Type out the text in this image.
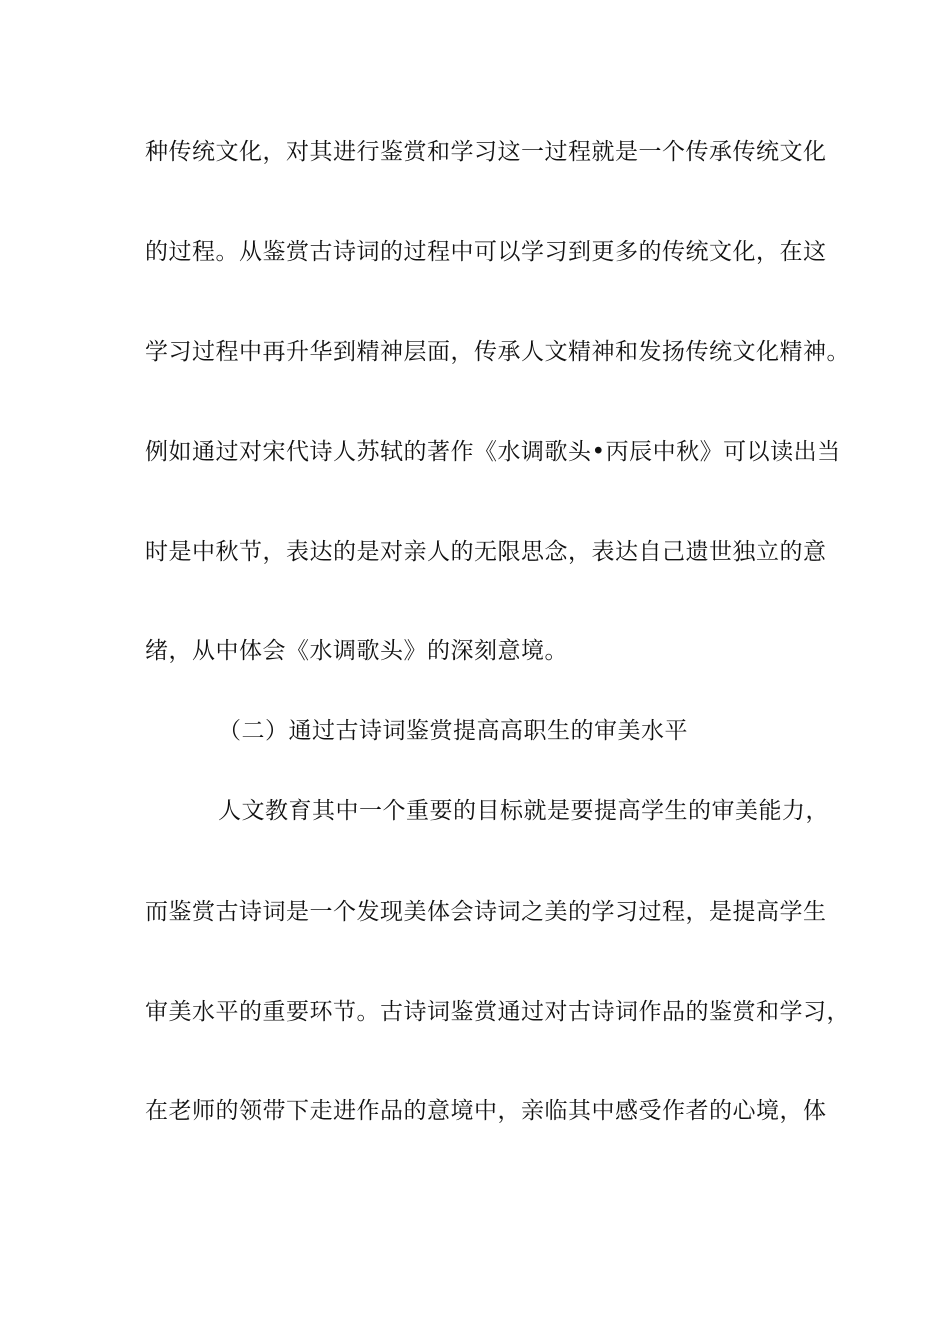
种传统文化，对其进行鉴赏和学习这一过程就是一个传承传统文化
的过程。从鉴赏古诗词的过程中可以学习到更多的传统文化，在这
学习过程中再升华到精神层面，传承人文精神和发扬传统文化精神。
例如通过对宋代诗人苏轼的著作《水调歌头•丙辰中秋》可以读出当
时是中秋节，表达的是对亲人的无限思念，表达自己遗世独立的意
绪，从中体会《水调歌头》的深刻意境。
（二）通过古诗词鉴赏提高高职生的审美水平
人文教育其中一个重要的目标就是要提高学生的审美能力，
而鉴赏古诗词是一个发现美体会诗词之美的学习过程，是提高学生
审美水平的重要环节。古诗词鉴赏通过对古诗词作品的鉴赏和学习，
在老师的领带下走进作品的意境中，亲临其中感受作者的心境，体
